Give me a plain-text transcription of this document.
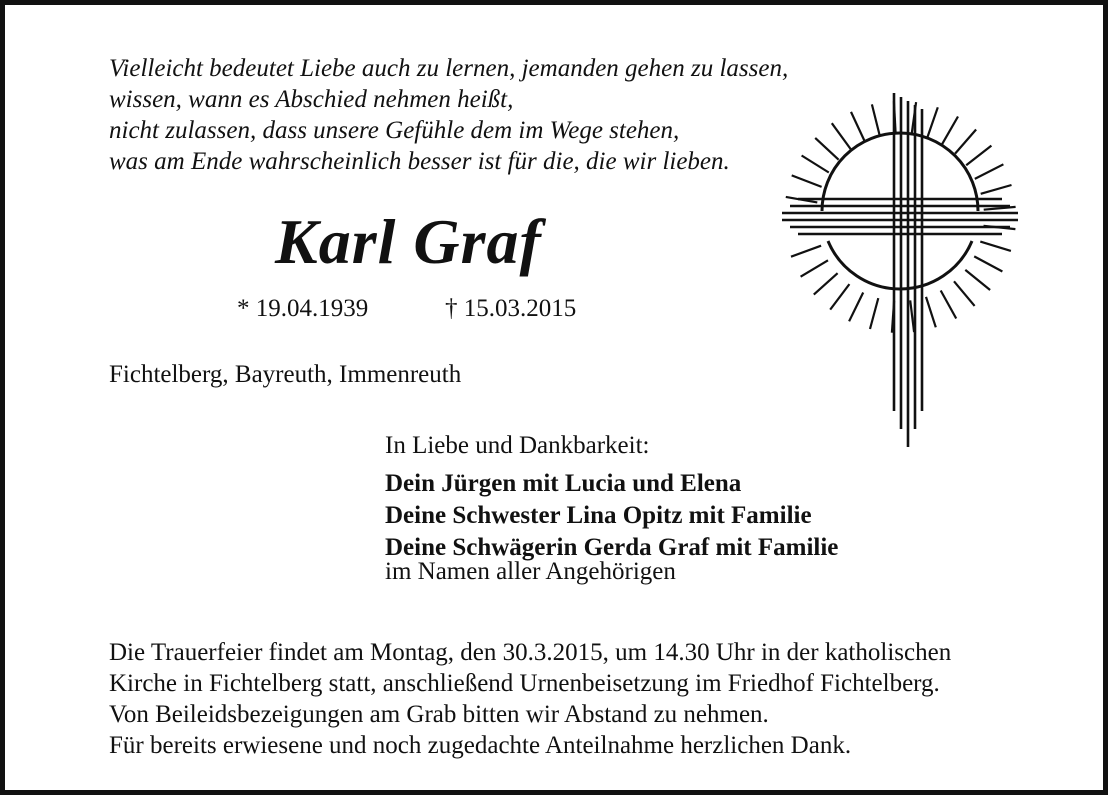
Vielleicht bedeutet Liebe auch zu lernen, jemanden gehen zu lassen,
wissen, wann es Abschied nehmen heißt,
nicht zulassen, dass unsere Gefühle dem im Wege stehen,
was am Ende wahrscheinlich besser ist für die, die wir lieben.
Karl Graf
* 19.04.1939	† 15.03.2015
Fichtelberg, Bayreuth, Immenreuth
In Liebe und Dankbarkeit:
Dein Jürgen mit Lucia und Elena
Deine Schwester Lina Opitz mit Familie
Deine Schwägerin Gerda Graf mit Familie
im Namen aller Angehörigen
Die Trauerfeier findet am Montag, den 30.3.2015, um 14.30 Uhr in der katholischen
Kirche in Fichtelberg statt, anschließend Urnenbeisetzung im Friedhof Fichtelberg.
Von Beileidsbezeigungen am Grab bitten wir Abstand zu nehmen.
Für bereits erwiesene und noch zugedachte Anteilnahme herzlichen Dank.
